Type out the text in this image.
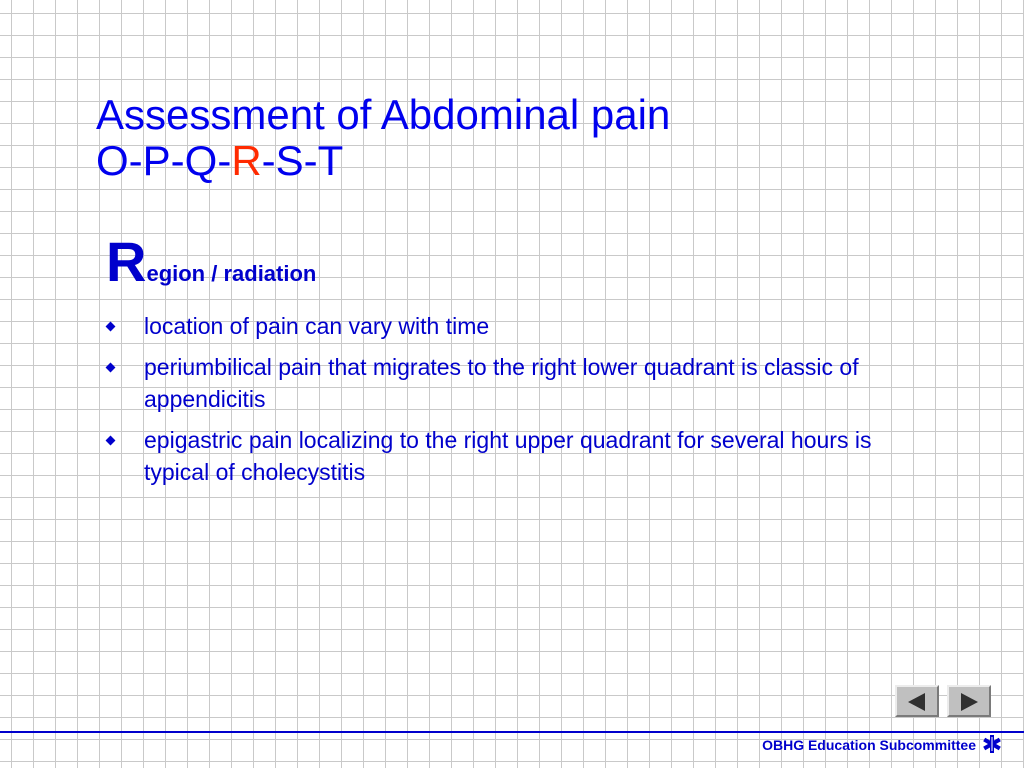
Assessment of Abdominal pain
O-P-Q-R-S-T
Region / radiation
location of pain can vary with time
periumbilical pain that migrates to the right lower quadrant is classic of appendicitis
epigastric pain localizing to the right upper quadrant for several hours is typical of cholecystitis
OBHG Education Subcommittee
